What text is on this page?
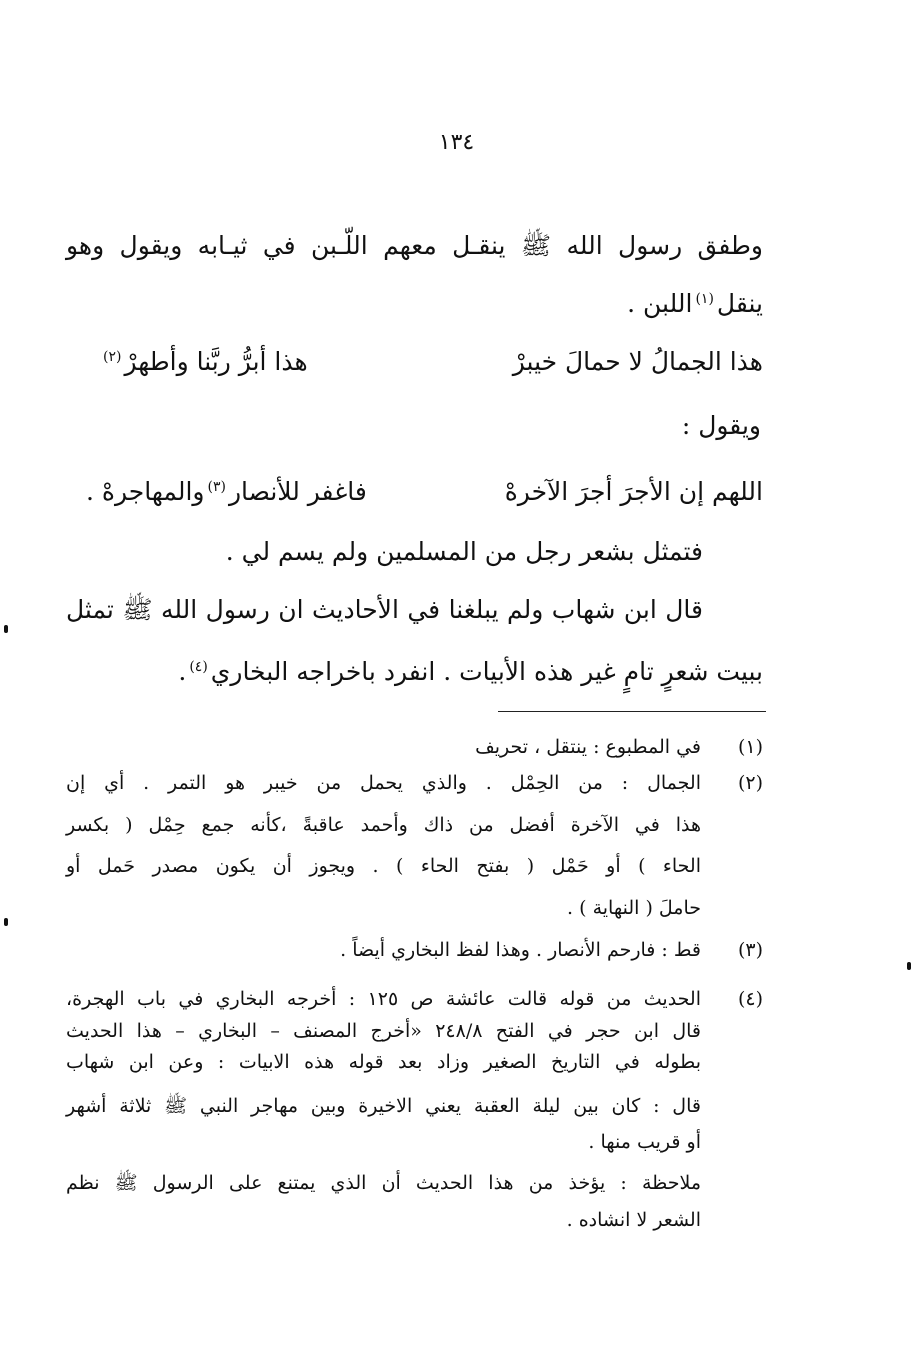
١٣٤
وطفق رسول الله ﷺ ينقـل معهم اللّـبن في ثيـابه ويقول وهو
ينقل$^{(١)}$اللبن .
هذا الجمالُ لا حمالَ خيبرْ
هذا أبرُّ ربَّنا وأطهرْ$^{(٢)}$
ويقول :
اللهم إن الأجرَ أجرَ الآخرهْ
فاغفر للأنصار$^{(٣)}$والمهاجرهْ .
فتمثل بشعر رجل من المسلمين ولم يسم لي .
قال ابن شهاب ولم يبلغنا في الأحاديث ان رسول الله ﷺ تمثل
ببيت شعرٍ تامٍ غير هذه الأبيات . انفرد باخراجه البخاري$^{(٤)}$.
(١)
في المطبوع : ينتقل ، تحريف
(٢)
الجمال : من الحِمْل . والذي يحمل من خيبر هو التمر . أي إن
هذا في الآخرة أفضل من ذاك وأحمد عاقبةً ،كأنه جمع حِمْل ( بكسر
الحاء ) أو حَمْل ( بفتح الحاء ) . ويجوز أن يكون مصدر حَمل أو
حاملَ ( النهاية ) .
(٣)
قط : فارحم الأنصار . وهذا لفظ البخاري أيضاً .
(٤)
الحديث من قوله قالت عائشة ص ١٢٥ : أخرجه البخاري في باب الهجرة،
قال ابن حجر في الفتح ٢٤٨/٨ «أخرج المصنف – البخاري – هذا الحديث
بطوله في التاريخ الصغير وزاد بعد قوله هذه الابيات : وعن ابن شهاب
قال : كان بين ليلة العقبة يعني الاخيرة وبين مهاجر النبي ﷺ ثلاثة أشهر
أو قريب منها .
ملاحظة : يؤخذ من هذا الحديث أن الذي يمتنع على الرسول ﷺ نظم
الشعر لا انشاده .
